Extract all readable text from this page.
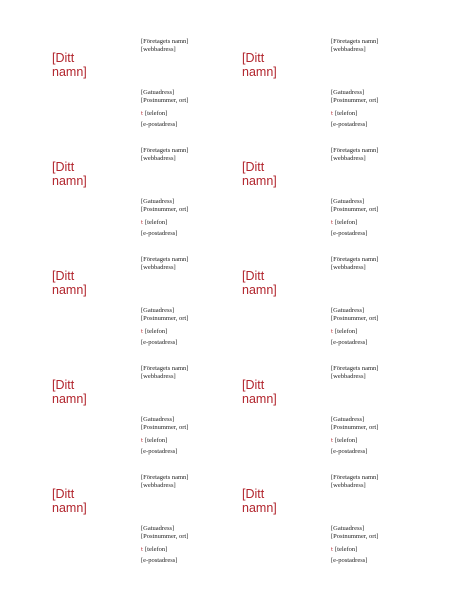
[Ditt
namn]
[Företagets namn]
[webbadress]
[Gatuadress]
[Postnummer, ort]
t [telefon]
[e-postadress]
[Ditt
namn]
[Företagets namn]
[webbadress]
[Gatuadress]
[Postnummer, ort]
t [telefon]
[e-postadress]
[Ditt
namn]
[Företagets namn]
[webbadress]
[Gatuadress]
[Postnummer, ort]
t [telefon]
[e-postadress]
[Ditt
namn]
[Företagets namn]
[webbadress]
[Gatuadress]
[Postnummer, ort]
t [telefon]
[e-postadress]
[Ditt
namn]
[Företagets namn]
[webbadress]
[Gatuadress]
[Postnummer, ort]
t [telefon]
[e-postadress]
[Ditt
namn]
[Företagets namn]
[webbadress]
[Gatuadress]
[Postnummer, ort]
t [telefon]
[e-postadress]
[Ditt
namn]
[Företagets namn]
[webbadress]
[Gatuadress]
[Postnummer, ort]
t [telefon]
[e-postadress]
[Ditt
namn]
[Företagets namn]
[webbadress]
[Gatuadress]
[Postnummer, ort]
t [telefon]
[e-postadress]
[Ditt
namn]
[Företagets namn]
[webbadress]
[Gatuadress]
[Postnummer, ort]
t [telefon]
[e-postadress]
[Ditt
namn]
[Företagets namn]
[webbadress]
[Gatuadress]
[Postnummer, ort]
t [telefon]
[e-postadress]
